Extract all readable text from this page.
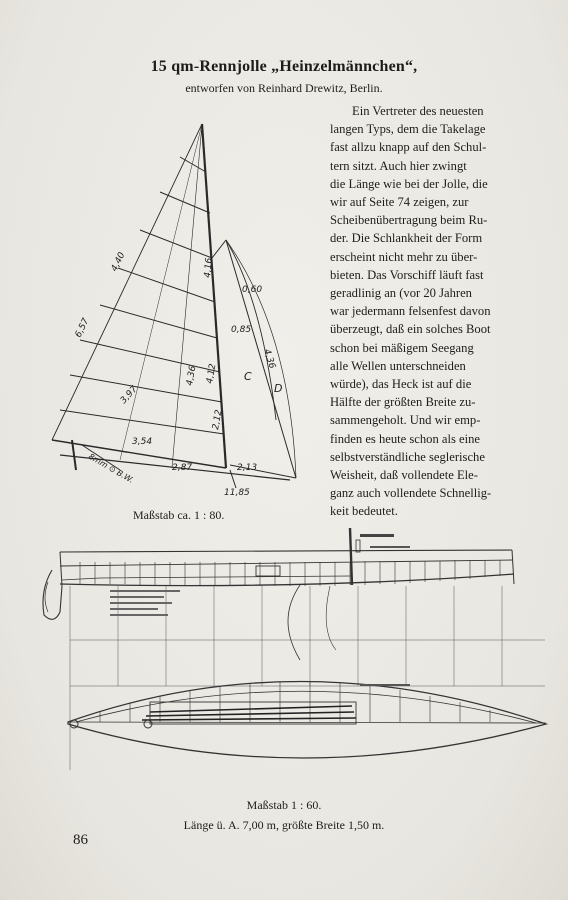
15 qm-Rennjolle „Heinzelmännchen“,
entworfen von Reinhard Drewitz, Berlin.
Ein Vertreter des neuesten
langen Typs, dem die Takelage
fast allzu knapp auf den Schul-
tern sitzt. Auch hier zwingt
die Länge wie bei der Jolle, die
wir auf Seite 74 zeigen, zur
Scheibenübertragung beim Ru-
der. Die Schlankheit der Form
erscheint nicht mehr zu über-
bieten. Das Vorschiff läuft fast
geradlinig an (vor 20 Jahren
war jedermann felsenfest davon
überzeugt, daß ein solches Boot
schon bei mäßigem Seegang
alle Wellen unterschneiden
würde), das Heck ist auf die
Hälfte der größten Breite zu-
sammengeholt. Und wir emp-
finden es heute schon als eine
selbstverständliche seglerische
Weisheit, daß vollendete Ele-
ganz auch vollendete Schnellig-
keit bedeutet.
4,40
6,57
3,97
3,54
4,16
0,60
0,85
4,36
4,36 4,12
2,12
2,87	2,13
11,85
C
D
8mm ⊙ B.W.
Maßstab ca. 1 : 80.
Maßstab 1 : 60.
Länge ü. A. 7,00 m, größte Breite 1,50 m.
86
